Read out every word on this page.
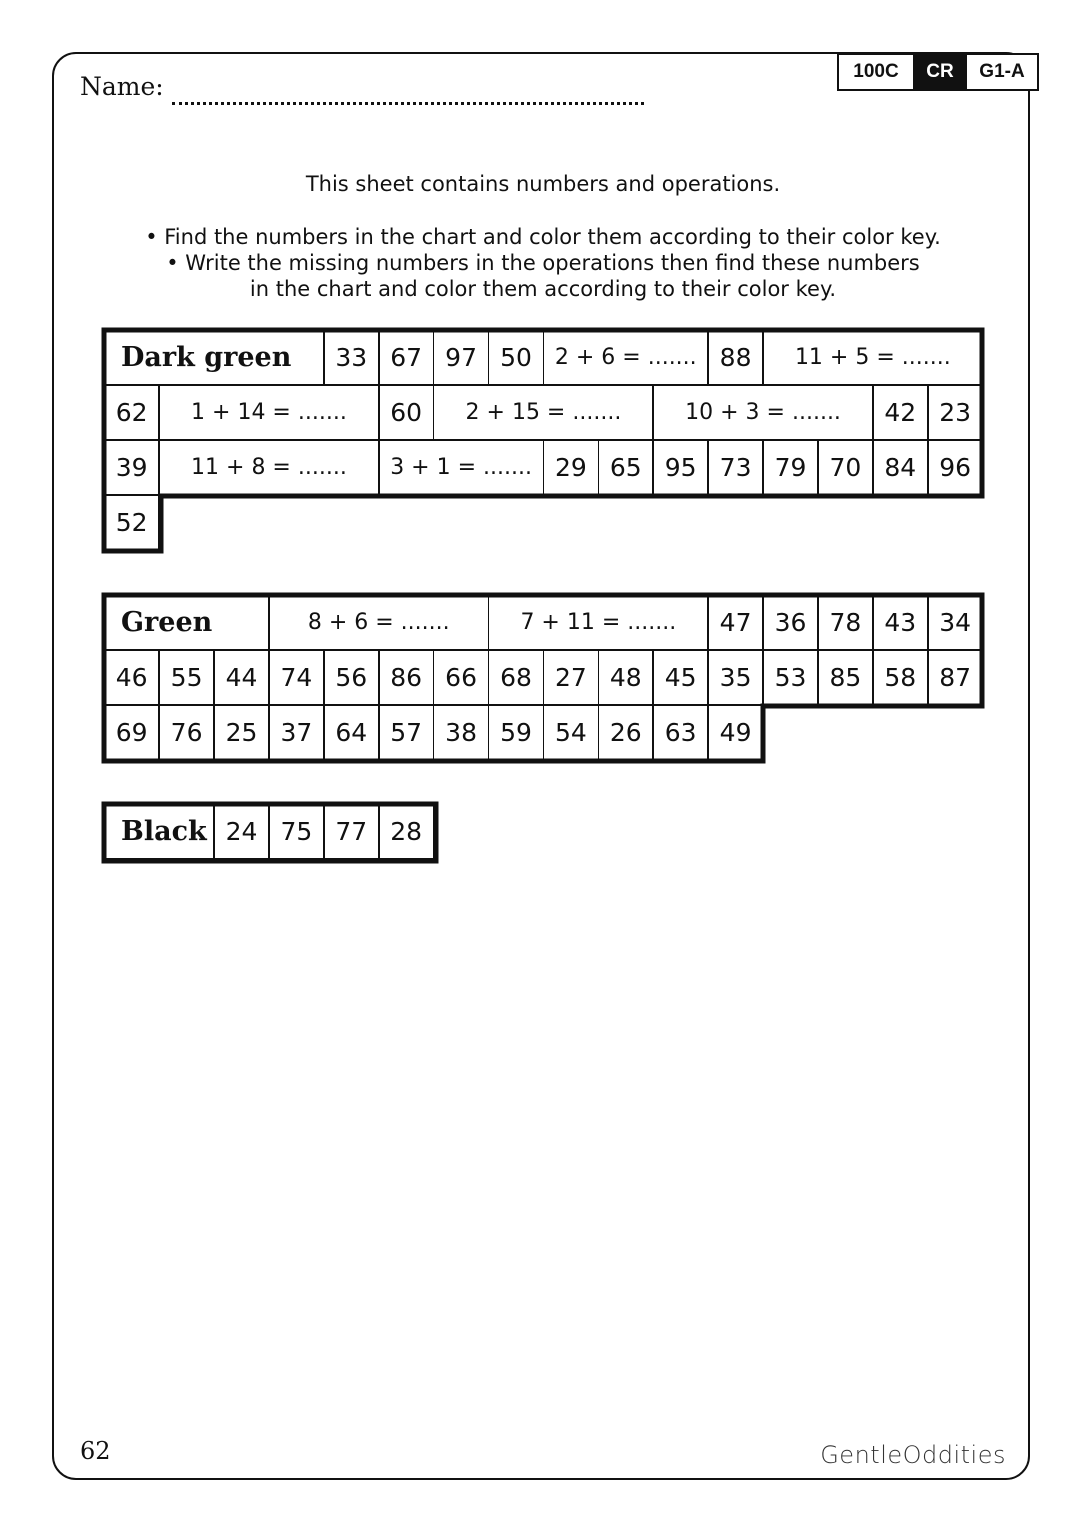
100C	CR	G1-A
Name:
This sheet contains numbers and operations.
• Find the numbers in the chart and color them according to their color key.
• Write the missing numbers in the operations then find these numbers
in the chart and color them according to their color key.
Dark green	33 67 97 50	2 + 6 = ....... 88	11 + 5 = .......
62	1 + 14 = .......	60	2 + 15 = .......	10 + 3 = .......	42 23
39	11 + 8 = .......	3 + 1 = ....... 29 65 95 73 79 70 84 96
52
Green	8 + 6 = .......	7 + 11 = .......	47 36 78 43 34
46 55 44 74 56 86 66 68 27 48 45 35 53 85 58 87
69 76 25 37 64 57 38 59 54 26 63 49
Black 24 75 77 28
62	GentleOddities
